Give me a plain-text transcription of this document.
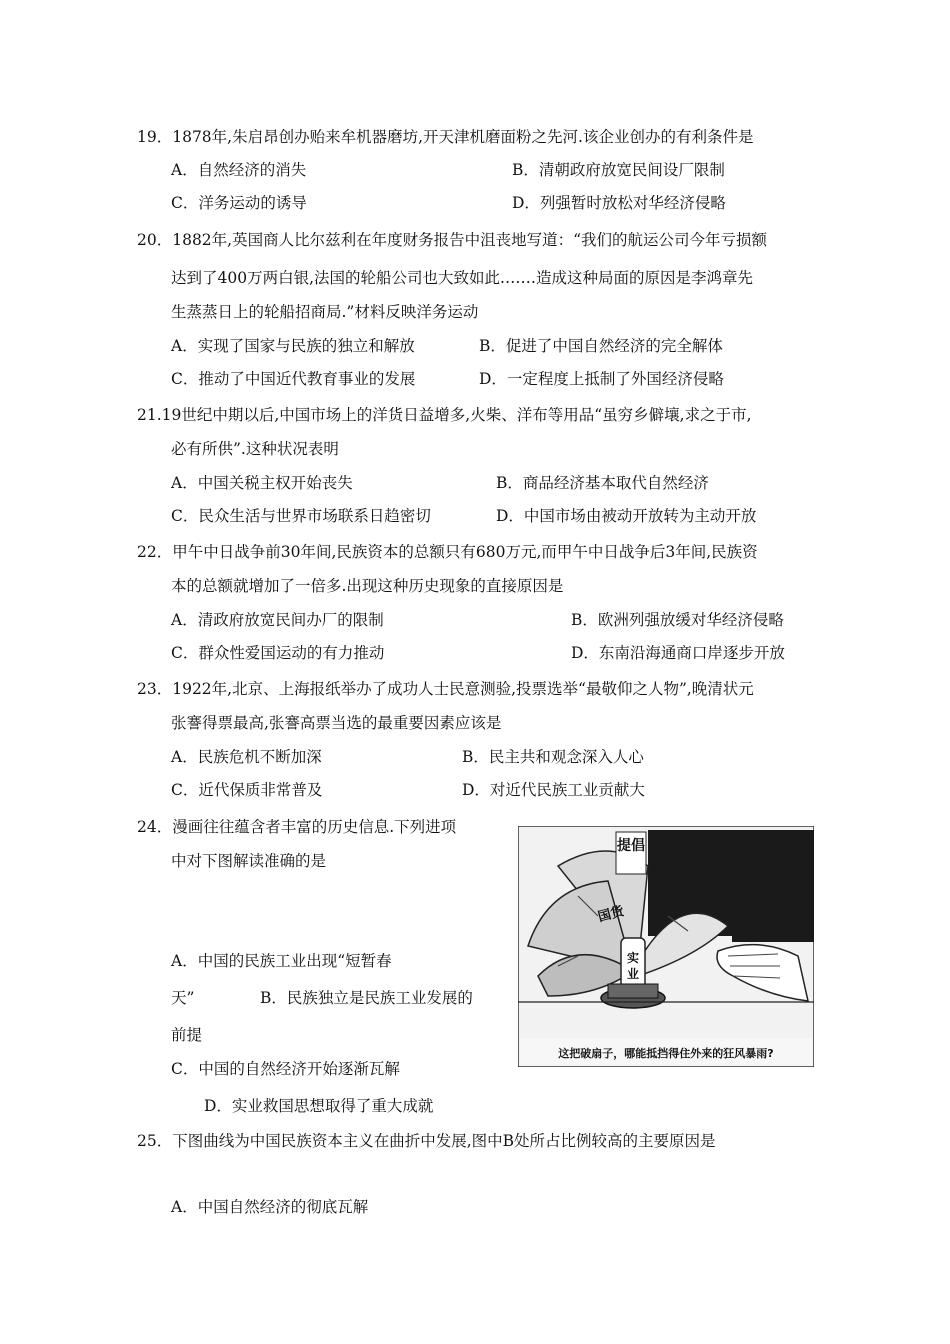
19．1878年,朱启昂创办贻来牟机器磨坊,开天津机磨面粉之先河.该企业创办的有利条件是
A．自然经济的消失	B．清朝政府放宽民间设厂限制
C．洋务运动的诱导	D．列强暂时放松对华经济侵略
20．1882年,英国商人比尔兹利在年度财务报告中沮丧地写道：“我们的航运公司今年亏损额
达到了400万两白银,法国的轮船公司也大致如此.……造成这种局面的原因是李鸿章先
生蒸蒸日上的轮船招商局.”材料反映洋务运动
A．实现了国家与民族的独立和解放	B．促进了中国自然经济的完全解体
C．推动了中国近代教育事业的发展	D．一定程度上抵制了外国经济侵略
21.19世纪中期以后,中国市场上的洋货日益增多,火柴、洋布等用品“虽穷乡僻壤,求之于市,
必有所供”.这种状况表明
A．中国关税主权开始丧失	B．商品经济基本取代自然经济
C．民众生活与世界市场联系日趋密切	D．中国市场由被动开放转为主动开放
22．甲午中日战争前30年间,民族资本的总额只有680万元,而甲午中日战争后3年间,民族资
本的总额就增加了一倍多.出现这种历史现象的直接原因是
A．清政府放宽民间办厂的限制	B．欧洲列强放缓对华经济侵略
C．群众性爱国运动的有力推动	D．东南沿海通商口岸逐步开放
23．1922年,北京、上海报纸举办了成功人士民意测验,投票选举“最敬仰之人物”,晚清状元
张謇得票最高,张謇高票当选的最重要因素应该是
A．民族危机不断加深	B．民主共和观念深入人心
C．近代保质非常普及	D．对近代民族工业贡献大
24．漫画往往蕴含者丰富的历史信息.下列进项
中对下图解读准确的是
A．中国的民族工业出现“短暂春
天”	B．民族独立是民族工业发展的
前提
C．中国的自然经济开始逐渐瓦解
D．实业救国思想取得了重大成就
提倡
国货
实
业
这把破扇子，哪能抵挡得住外来的狂风暴雨?
25．下图曲线为中国民族资本主义在曲折中发展,图中B处所占比例较高的主要原因是
A．中国自然经济的彻底瓦解
